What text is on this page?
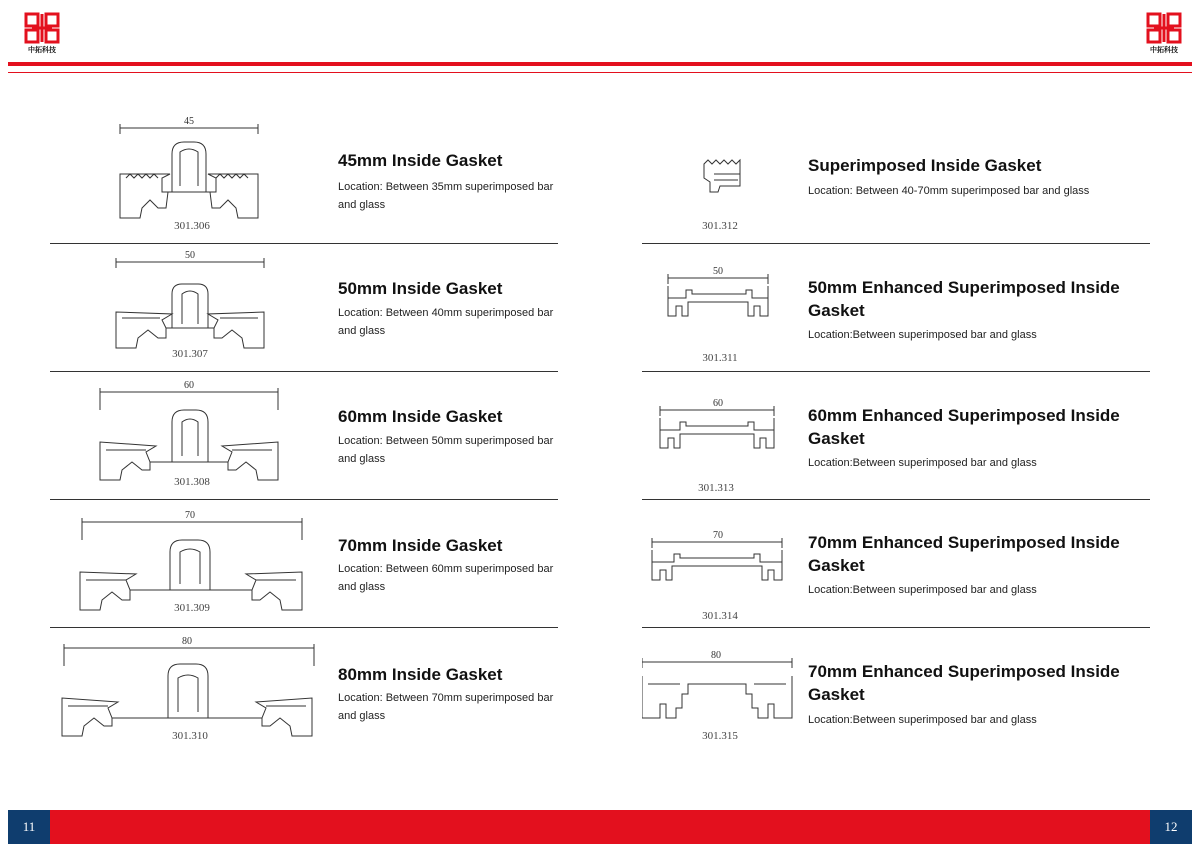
中拓科技
45
301.306
45mm Inside Gasket
Location: Between 35mm superimposed bar and glass
50
301.307
50mm Inside Gasket
Location: Between 40mm superimposed bar and glass
60
301.308
60mm Inside Gasket
Location: Between 50mm superimposed bar and glass
70
301.309
70mm Inside Gasket
Location: Between 60mm superimposed bar and glass
80
301.310
80mm Inside Gasket
Location: Between 70mm superimposed bar and glass
11
中拓科技
301.312
Superimposed Inside Gasket
Location: Between 40-70mm superimposed bar and glass
50
301.311
50mm Enhanced Superimposed Inside Gasket
Location:Between superimposed bar and glass
60
301.313
60mm Enhanced Superimposed Inside Gasket
Location:Between superimposed bar and glass
70
301.314
70mm Enhanced Superimposed Inside Gasket
Location:Between superimposed bar and glass
80
301.315
70mm Enhanced Superimposed Inside Gasket
Location:Between superimposed bar and glass
12
